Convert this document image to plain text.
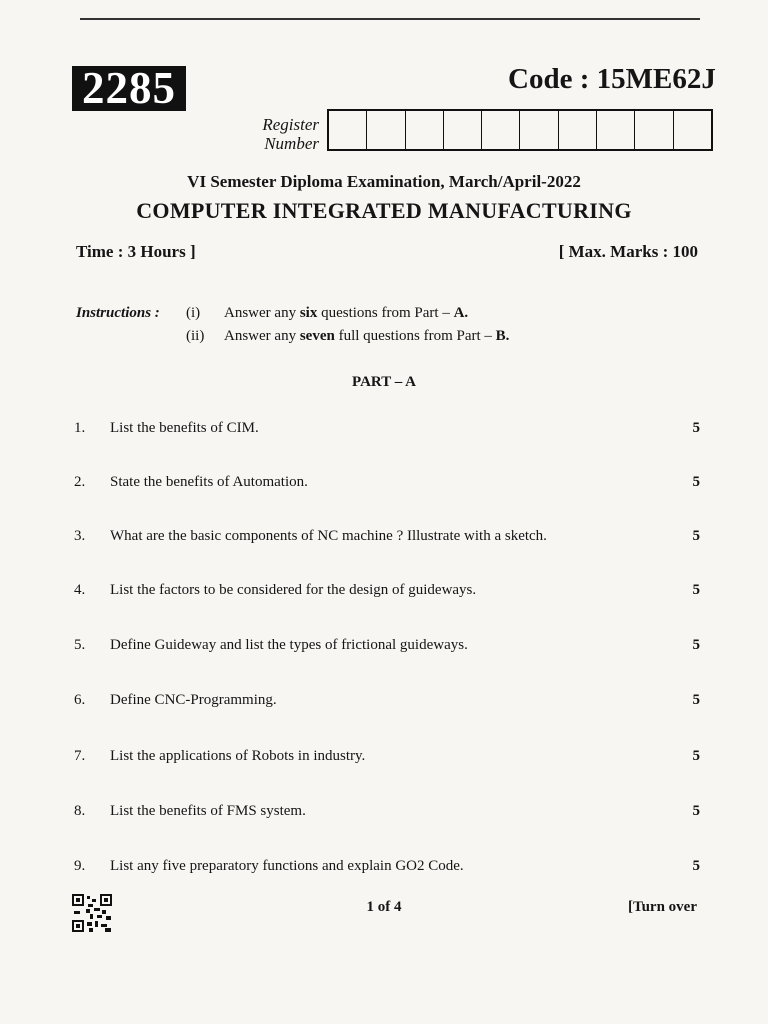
2285	Code : 15ME62J
Register
Number
VI Semester Diploma Examination, March/April-2022
COMPUTER INTEGRATED MANUFACTURING
Time : 3 Hours ]	[ Max. Marks : 100
Instructions : (i) Answer any six questions from Part – A.
(ii) Answer any seven full questions from Part – B.
PART – A
1.	List the benefits of CIM.	5
2.	State the benefits of Automation.	5
3.	What are the basic components of NC machine ? Illustrate with a sketch.	5
4.	List the factors to be considered for the design of guideways.	5
5.	Define Guideway and list the types of frictional guideways.	5
6.	Define CNC-Programming.	5
7.	List the applications of Robots in industry.	5
8.	List the benefits of FMS system.	5
9.	List any five preparatory functions and explain GO2 Code.	5
1 of 4	[Turn over
